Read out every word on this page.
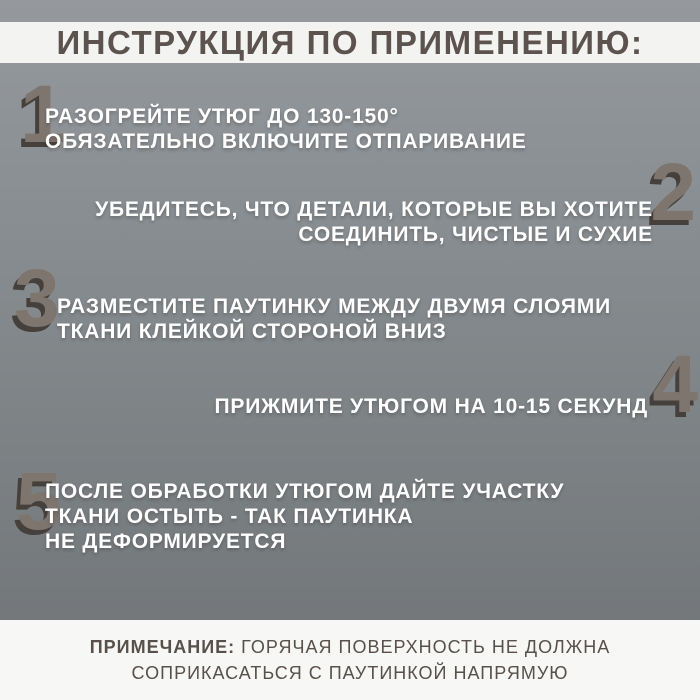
ИНСТРУКЦИЯ ПО ПРИМЕНЕНИЮ:
1
РАЗОГРЕЙТЕ УТЮГ ДО 130-150°
ОБЯЗАТЕЛЬНО ВКЛЮЧИТЕ ОТПАРИВАНИЕ
2
УБЕДИТЕСЬ, ЧТО ДЕТАЛИ, КОТОРЫЕ ВЫ ХОТИТЕ
СОЕДИНИТЬ, ЧИСТЫЕ И СУХИЕ
3
РАЗМЕСТИТЕ ПАУТИНКУ МЕЖДУ ДВУМЯ СЛОЯМИ
ТКАНИ КЛЕЙКОЙ СТОРОНОЙ ВНИЗ
4
ПРИЖМИТЕ УТЮГОМ НА 10-15 СЕКУНД
5
ПОСЛЕ ОБРАБОТКИ УТЮГОМ ДАЙТЕ УЧАСТКУ
ТКАНИ ОСТЫТЬ - ТАК ПАУТИНКА
НЕ ДЕФОРМИРУЕТСЯ
ПРИМЕЧАНИЕ: ГОРЯЧАЯ ПОВЕРХНОСТЬ НЕ ДОЛЖНА
СОПРИКАСАТЬСЯ С ПАУТИНКОЙ НАПРЯМУЮ
